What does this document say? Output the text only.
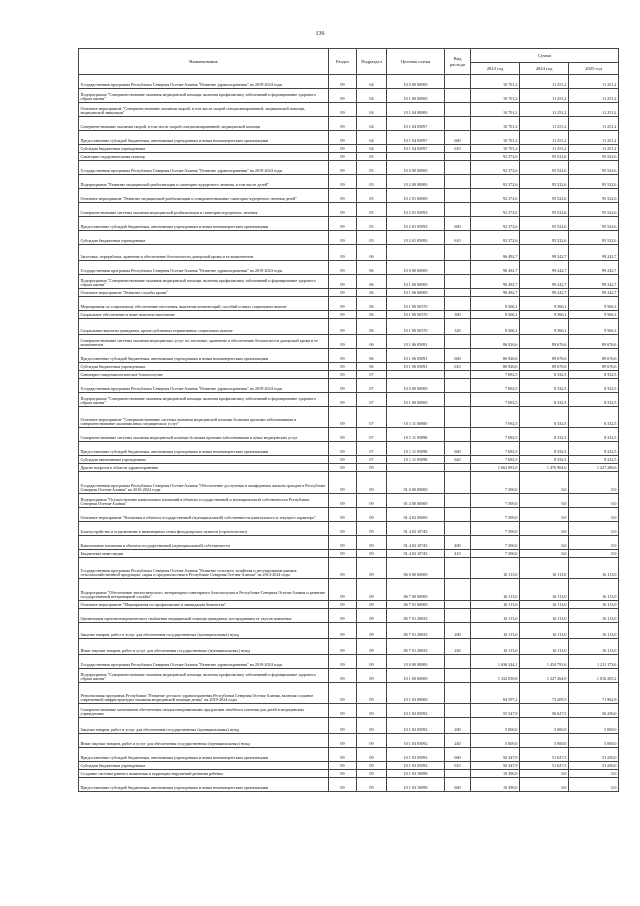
136
Наименование	Раздел	Подраздел	Целевая статья	Вид расхода	Сумма		
					2023 год	2024 год	2025 год
Государственная программа Республики Северная Осетия-Алания "Развитие здравоохранения" на 2019-2024 годы	09	04	10 0 00 00000		10 701,2	11 251,2	11 251,2
Подпрограмма "Совершенствование оказания медицинской помощи, включая профилактику заболеваний и формирование здорового образа жизни"	09	04	10 1 00 00000		10 701,2	11 251,2	11 251,2
Основное мероприятие "Совершенствование оказания скорой, в том числе скорой специализированной, медицинской помощи, медицинской эвакуации"	09	04	10 1 04 00000		10 701,2	11 251,2	11 251,2
Совершенствование оказания скорой, в том числе скорой специализированной, медицинской помощи	09	04	10 1 04 05097		10 701,2	11 251,2	11 251,2
Предоставление субсидий бюджетным, автономным учреждениям и иным некоммерческим организациям	09	04	10 1 04 05097	600	10 701,2	11 251,2	11 251,2
Субсидии бюджетным учреждениям	09	04	10 1 04 05097	610	10 701,2	11 251,2	11 251,2
Санаторно-оздоровительная помощь	09	05			92 372,6	95 522,6	95 522,6
Государственная программа Республики Северная Осетия-Алания "Развитие здравоохранения" на 2019-2024 годы	09	05	10 0 00 00000		92 372,6	95 522,6	95 522,6
Подпрограмма "Развитие медицинской реабилитации и санаторно-курортного лечения, в том числе детей"	09	05	10 2 00 00000		92 372,6	95 522,6	95 522,6
Основное мероприятие "Развитие медицинской реабилитации и совершенствование санаторно-курортного лечения детей"	09	05	10 2 01 00000		92 372,6	95 522,6	95 522,6
Совершенствование системы оказания медицинской реабилитации и санаторно-курортного лечения	09	05	10 2 01 05093		92 372,6	95 522,6	95 522,6
Предоставление субсидий бюджетным, автономным учреждениям и иным некоммерческим организациям	09	05	10 2 01 05093	600	92 372,6	95 522,6	95 522,6
Субсидии бюджетным учреждениям	09	05	10 2 01 05093	610	92 372,6	95 522,6	95 522,6
Заготовка, переработка, хранение и обеспечение безопасности донорской крови и ее компонентов	09	06			96 492,7	99 242,7	99 242,7
Государственная программа Республики Северная Осетия-Алания "Развитие здравоохранения" на 2019-2024 годы	09	06	10 0 00 00000		96 492,7	99 242,7	99 242,7
Подпрограмма "Совершенствование оказания медицинской помощи, включая профилактику заболеваний и формирование здорового образа жизни"	09	06	10 1 00 00000		96 492,7	99 242,7	99 242,7
Основное мероприятие "Развитие службы крови"	09	06	10 1 06 00000		96 492,7	99 242,7	99 242,7
Мероприятия по социальному обеспечению населения, выплатам компенсаций, пособий и иных социальных выплат	09	06	10 1 06 00570		9 566,1	9 566,1	9 566,1
Социальное обеспечение и иные выплаты населению	09	06	10 1 06 00570	300	9 566,1	9 566,1	9 566,1
Социальные выплаты гражданам, кроме публичных нормативных социальных выплат	09	06	10 1 06 00570	320	9 566,1	9 566,1	9 566,1
Совершенствование системы оказания медицинских услуг по заготовке, хранению и обеспечению безопасности донорской крови и ее компонентов	09	06	10 1 06 05091		86 926,6	89 676,6	89 676,6
Предоставление субсидий бюджетным, автономным учреждениям и иным некоммерческим организациям	09	06	10 1 06 05091	600	86 926,6	89 676,6	89 676,6
Субсидии бюджетным учреждениям	09	06	10 1 06 05091	610	86 926,6	89 676,6	89 676,6
Санитарно-эпидемиологическое благополучие	09	07			7 692,5	8 332,5	8 332,5
Государственная программа Республики Северная Осетия-Алания "Развитие здравоохранения" на 2019-2024 годы	09	07	10 0 00 00000		7 692,5	8 332,5	8 332,5
Подпрограмма "Совершенствование оказания медицинской помощи, включая профилактику заболеваний и формирование здорового образа жизни"	09	07	10 1 00 00000		7 692,5	8 332,5	8 332,5
Основное мероприятие "Совершенствование системы оказания медицинской помощи больным прочими заболеваниями и совершенствование оказания иных медицинских услуг"	09	07	10 1 11 00000		7 692,5	8 332,5	8 332,5
Совершенствование системы оказания медицинской помощи больным прочими заболеваниями и иных медицинских услуг	09	07	10 1 11 05098		7 692,5	8 332,5	8 332,5
Предоставление субсидий бюджетным, автономным учреждениям и иным некоммерческим организациям	09	07	10 1 11 05098	600	7 692,5	8 332,5	8 332,5
Субсидии автономным учреждениям	09	07	10 1 11 05098	620	7 692,5	8 332,5	8 332,5
Другие вопросы в области здравоохранения	09	09			1 662 091,0	1 470 904,6	1 227 286,6
Государственная программа Республики Северная Осетия-Алания "Обеспечение доступным и комфортным жильем граждан в Республике Северная Осетия-Алания" на 2016-2024 годы	09	09	01 0 00 00000		7 500,0	0,0	0,0
Подпрограмма "Осуществление капитальных вложений в объекты государственной и муниципальной собственности Республики Северная Осетия-Алания"	09	09	01 4 00 00000		7 500,0	0,0	0,0
Основное мероприятие "Вложения в объекты государственной (муниципальной) собственности капитального и текущего характера"	09	09	01 4 02 00000		7 500,0	0,0	0,0
Благоустройство и подключение к инженерным сетям фельдшерских пунктов (строительство)	09	09	01 4 02 10745		7 500,0	0,0	0,0
Капитальные вложения в объекты государственной (муниципальной) собственности	09	09	01 4 02 10745	400	7 500,0	0,0	0,0
Бюджетные инвестиции	09	09	01 4 02 10745	410	7 500,0	0,0	0,0
Государственная программа Республики Северная Осетия-Алания "Развитие сельского хозяйства и регулирование рынков сельскохозяйственной продукции, сырья и продовольствия в Республике Северная Осетия-Алания" на 2014-2024 годы	09	09	06 0 00 00000		16 113,0	16 113,0	16 113,0
Подпрограмма "Обеспечение эпизоотического, ветеринарно-санитарного благополучия в Республике Северная Осетия-Алания и развитие государственной ветеринарной службы"	09	09	06 7 00 00000		16 113,0	16 113,0	16 113,0
Основное мероприятие "Мероприятия по профилактике и ликвидации бешенства"	09	09	06 7 01 00000		16 113,0	16 113,0	16 113,0
Организация противоэпидемического снабжения медицинской помощи гражданам, пострадавшим от укусов животных	09	09	06 7 01 20833		16 113,0	16 113,0	16 113,0
Закупка товаров, работ и услуг для обеспечения государственных (муниципальных) нужд	09	09	06 7 01 20833	200	16 113,0	16 113,0	16 113,0
Иные закупки товаров, работ и услуг для обеспечения государственных (муниципальных) нужд	09	09	06 7 01 20833	240	16 113,0	16 113,0	16 113,0
Государственная программа Республики Северная Осетия-Алания "Развитие здравоохранения" на 2019-2024 годы	09	09	10 0 00 00000		1 636 244,1	1 454 791,6	1 211 173,6
Подпрограмма "Совершенствование оказания медицинской помощи, включая профилактику заболеваний и формирование здорового образа жизни"	09	09	10 1 00 00000		1 332 050,8	1 227 264,9	1 016 205,2
Региональная программа Республики "Развитие детского здравоохранения Республики Северная Осетия-Алания, включая создание современной инфраструктуры оказания медицинской помощи детям" на 2019-2024 годы	09	09	10 1 03 00000		84 597,2	73 209,5	71 962,9
Совершенствование механизмов обеспечения специализированными продуктами лечебного питания для детей в медицинских учреждениях	09	09	10 1 03 05092		55 347,9	56 627,5	56 256,0
Закупка товаров, работ и услуг для обеспечения государственных (муниципальных) нужд	09	09	10 1 03 05092	200	5 000,0	5 000,0	5 000,0
Иные закупки товаров, работ и услуг для обеспечения государственных (муниципальных) нужд	09	09	10 1 03 05092	240	5 000,0	5 000,0	5 000,0
Предоставление субсидий бюджетным, автономным учреждениям и иным некоммерческим организациям	09	09	10 1 03 05092	600	50 347,9	51 627,5	51 256,0
Субсидии бюджетным учреждениям	09	09	10 1 03 05092	610	50 347,9	51 627,5	51 256,0
Создание системы раннего выявления и коррекции нарушений развития ребенка	09	09	10 1 03 10098		10 390,0	0,0	0,0
Предоставление субсидий бюджетным, автономным учреждениям и иным некоммерческим организациям	09	09	10 1 03 10098	600	10 390,0	0,0	0,0
